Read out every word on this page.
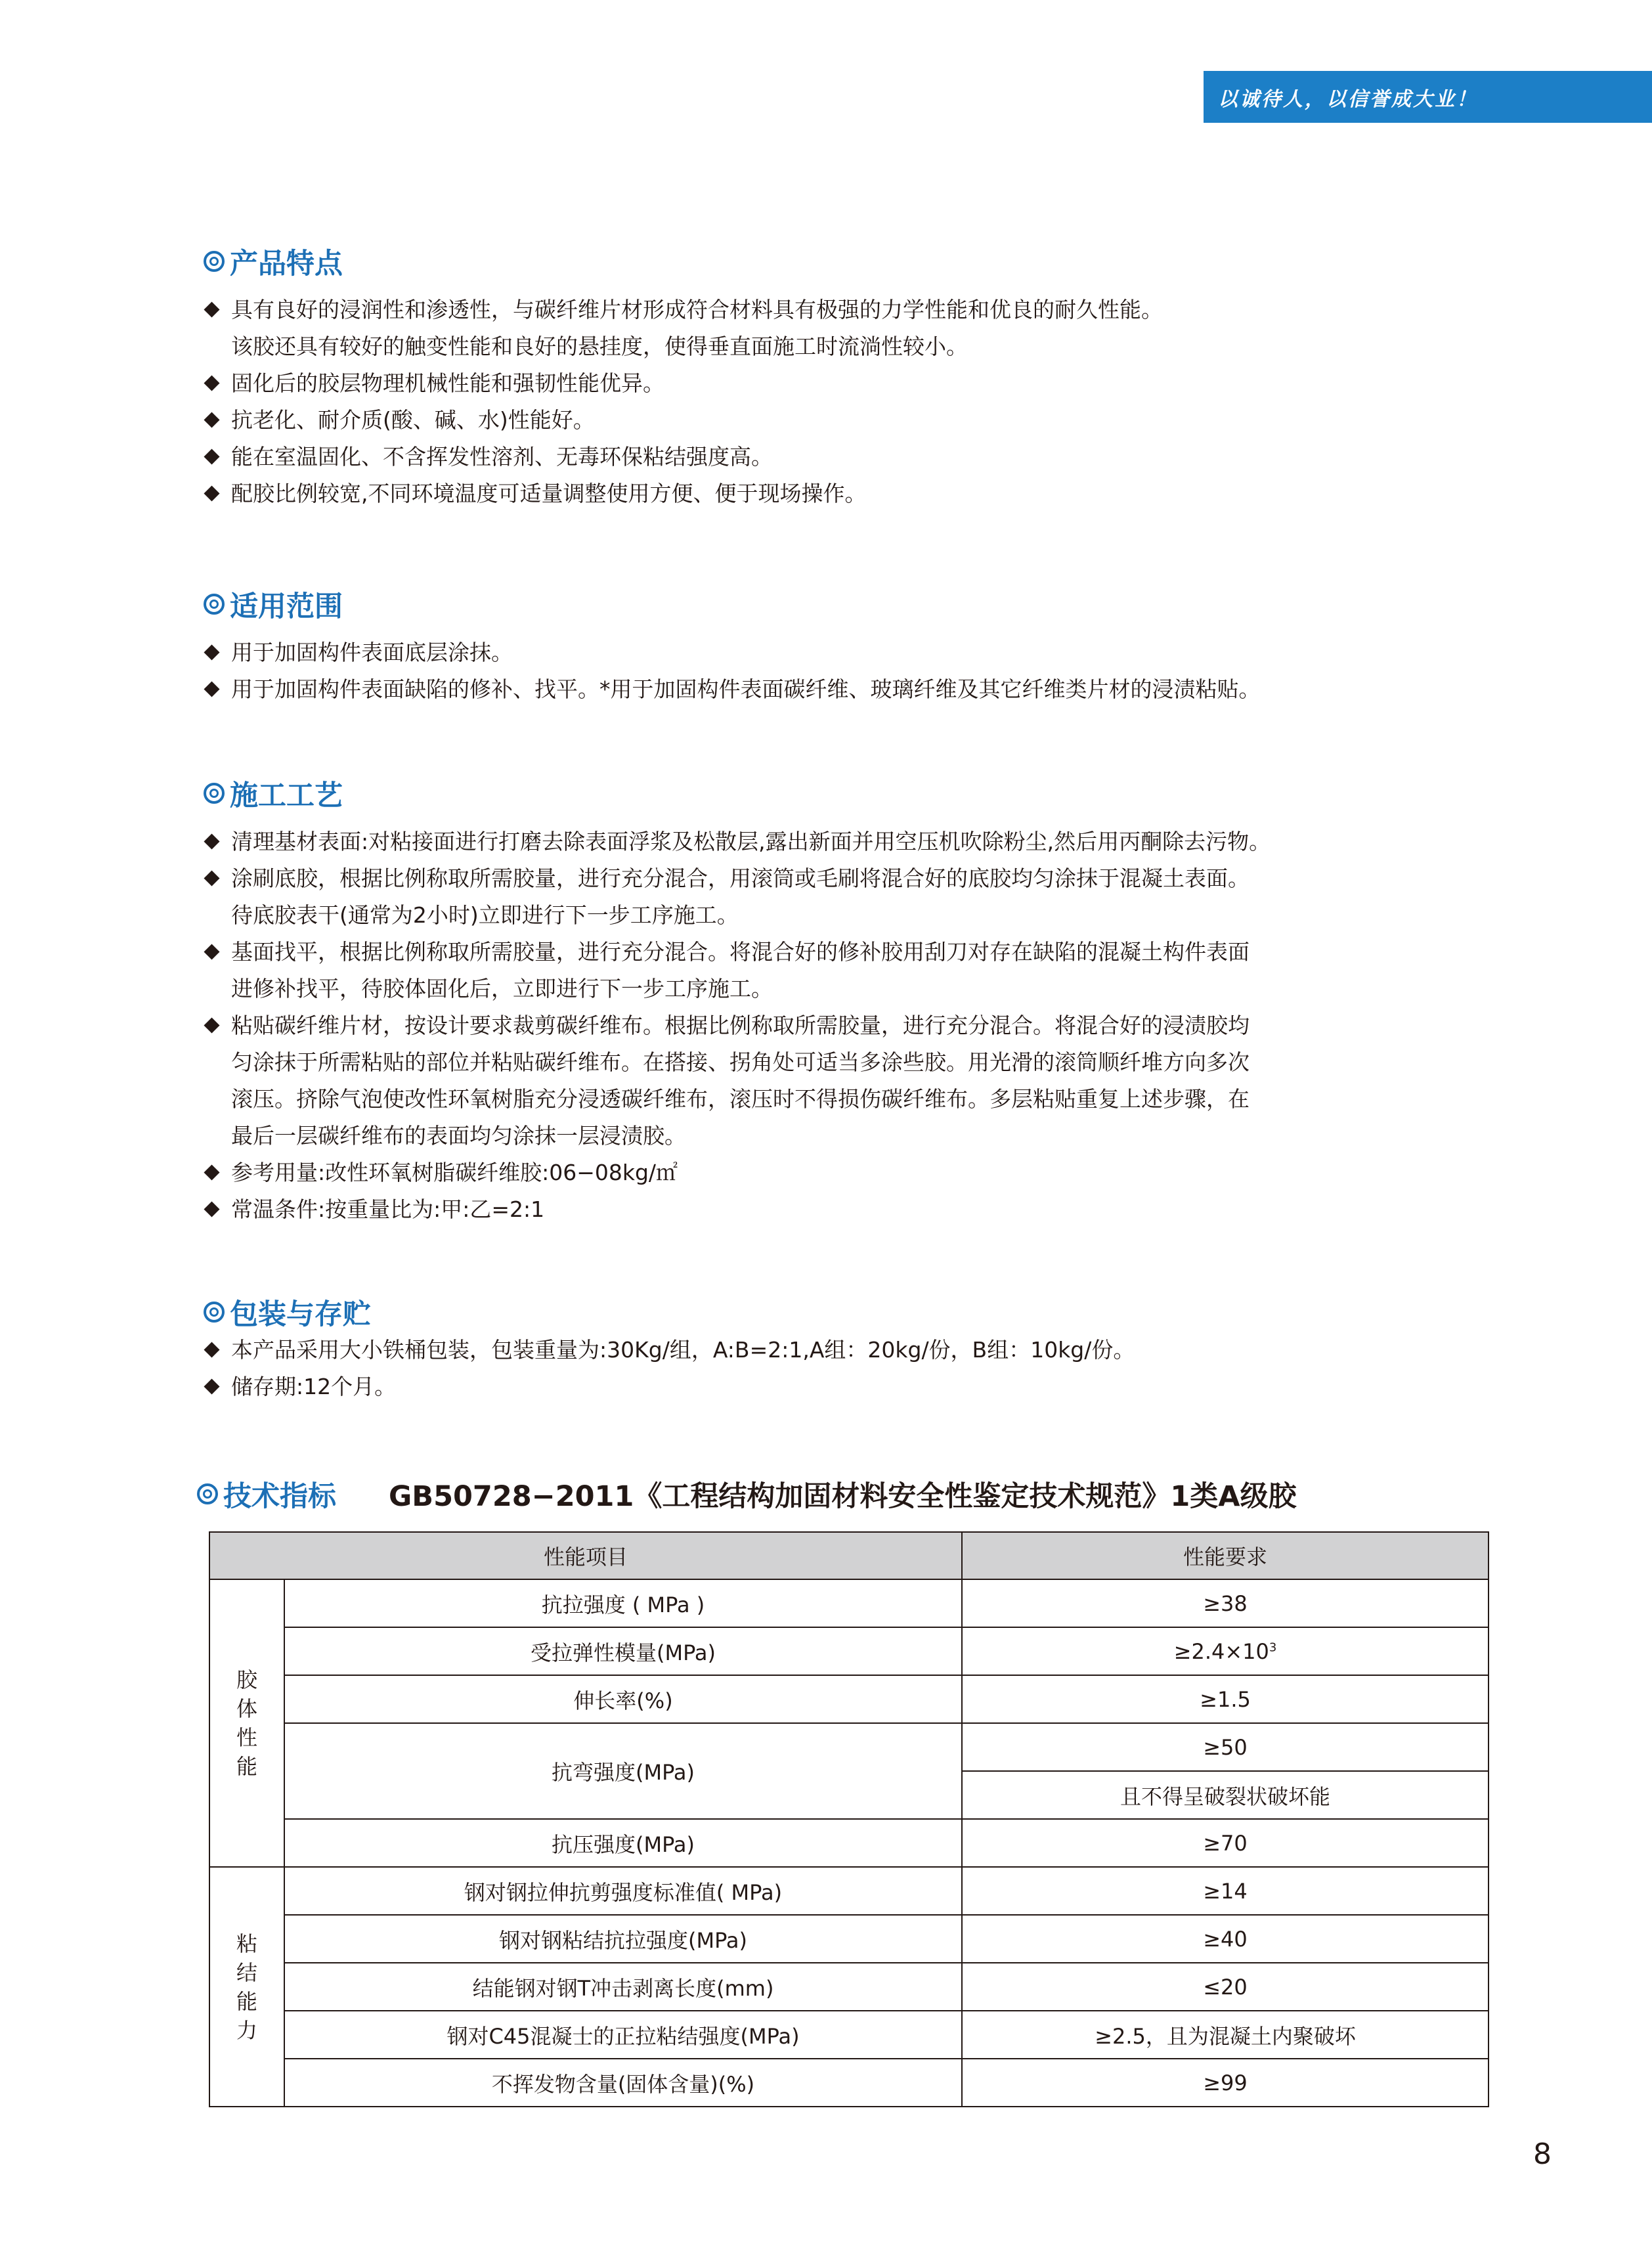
以诚待人，以信誉成大业！
产品特点
具有良好的浸润性和渗透性，与碳纤维片材形成符合材料具有极强的力学性能和优良的耐久性能。
该胶还具有较好的触变性能和良好的悬挂度，使得垂直面施工时流淌性较小。
固化后的胶层物理机械性能和强韧性能优异。
抗老化、耐介质(酸、碱、水)性能好。
能在室温固化、不含挥发性溶剂、无毒环保粘结强度高。
配胶比例较宽,不同环境温度可适量调整使用方便、便于现场操作。
适用范围
用于加固构件表面底层涂抹。
用于加固构件表面缺陷的修补、找平。*用于加固构件表面碳纤维、玻璃纤维及其它纤维类片材的浸渍粘贴。
施工工艺
清理基材表面:对粘接面进行打磨去除表面浮浆及松散层,露出新面并用空压机吹除粉尘,然后用丙酮除去污物。
涂刷底胶，根据比例称取所需胶量，进行充分混合，用滚筒或毛刷将混合好的底胶均匀涂抹于混凝土表面。
待底胶表干(通常为2小时)立即进行下一步工序施工。
基面找平，根据比例称取所需胶量，进行充分混合。将混合好的修补胶用刮刀对存在缺陷的混凝土构件表面
进修补找平，待胶体固化后，立即进行下一步工序施工。
粘贴碳纤维片材，按设计要求裁剪碳纤维布。根据比例称取所需胶量，进行充分混合。将混合好的浸渍胶均
匀涂抹于所需粘贴的部位并粘贴碳纤维布。在搭接、拐角处可适当多涂些胶。用光滑的滚筒顺纤堆方向多次
滚压。挤除气泡使改性环氧树脂充分浸透碳纤维布，滚压时不得损伤碳纤维布。多层粘贴重复上述步骤，在
最后一层碳纤维布的表面均匀涂抹一层浸渍胶。
参考用量:改性环氧树脂碳纤维胶:06−08kg/㎡
常温条件:按重量比为:甲:乙=2:1
包装与存贮
本产品采用大小铁桶包装，包装重量为:30Kg/组，A:B=2:1,A组：20kg/份，B组：10kg/份。
储存期:12个月。
技术指标 GB50728−2011《工程结构加固材料安全性鉴定技术规范》1类A级胶
性能项目		性能要求
胶体性能	抗拉强度 ( MPa )	≥38
	受拉弹性模量(MPa)	$\ge 2.4\times 10^3$
	伸长率(%)	≥1.5
	抗弯强度(MPa)	≥50
		且不得呈破裂状破坏能
	抗压强度(MPa)	≥70
粘结能力	钢对钢拉伸抗剪强度标准值( MPa)	≥14
	钢对钢粘结抗拉强度(MPa)	≥40
	结能钢对钢T冲击剥离长度(mm)	≤20
	钢对C45混凝士的正拉粘结强度(MPa)	≥2.5，且为混凝土内聚破坏
	不挥发物含量(固体含量)(%)	≥99
8
